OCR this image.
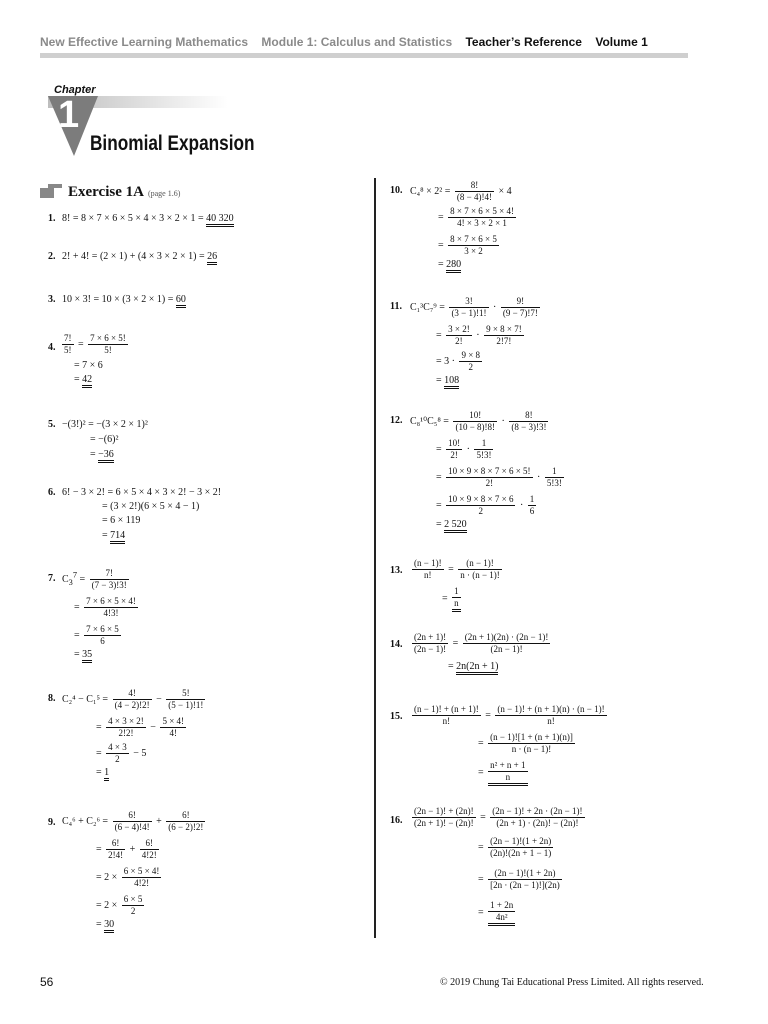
New Effective Learning Mathematics Module 1: Calculus and Statistics Teacher’s Reference Volume 1
Chapter
1
Binomial Expansion
Exercise 1A (page 1.6)
1. 8! = 8 × 7 × 6 × 5 × 4 × 3 × 2 × 1 = 40 320
2. 2! + 4! = (2 × 1) + (4 × 3 × 2 × 1) = 26
3. 10 × 3! = 10 × (3 × 2 × 1) = 60
4. $\frac{7!}{5!} = \frac{7 \times 6 \times 5!}{5!}$
= 7 × 6
= 42
5. −(3!)² = −(3 × 2 × 1)²
= −(6)²
= −36
6. 6! − 3 × 2! = 6 × 5 × 4 × 3 × 2! − 3 × 2!
= (3 × 2!)(6 × 5 × 4 − 1)
= 6 × 119
= 714
7. $C_3^7 = \frac{7!}{(7 - 3)!3!}$
= $\frac{7 \times 6 \times 5 \times 4!}{4!3!}$
= $\frac{7 \times 6 \times 5}{6}$
= 35
8. $C_2^4 - C_1^5 = \frac{4!}{(4 - 2)!2!} - \frac{5!}{(5 - 1)!1!}$
= $\frac{4 \times 3 \times 2!}{2!2!} - \frac{5 \times 4!}{4!}$
= $\frac{4 \times 3}{2} - 5$
= 1
9. $C_4^6 + C_2^6 = \frac{6!}{(6 - 4)!4!} + \frac{6!}{(6 - 2)!2!}$
= $\frac{6!}{2!4!} + \frac{6!}{4!2!}$
= $2 \times \frac{6 \times 5 \times 4!}{4!2!}$
= $2 \times \frac{6 \times 5}{2}$
= 30
10. $C_4^8 \times 2^2 = \frac{8!}{(8 - 4)!4!} \times 4$
= $\frac{8 \times 7 \times 6 \times 5 \times 4!}{4! \times 3 \times 2 \times 1}$
= $\frac{8 \times 7 \times 6 \times 5}{3 \times 2}$
= 280
11. $C_1^3C_7^9 = \frac{3!}{(3 - 1)!1!} \cdot \frac{9!}{(9 - 7)!7!}$
= $\frac{3 \times 2!}{2!} \cdot \frac{9 \times 8 \times 7!}{2!7!}$
= $3 \cdot \frac{9 \times 8}{2}$
= 108
12. $C_8^{10}C_5^8 = \frac{10!}{(10 - 8)!8!} \cdot \frac{8!}{(8 - 3)!3!}$
= $\frac{10!}{2!} \cdot \frac{1}{5!3!}$
= $\frac{10 \times 9 \times 8 \times 7 \times 6 \times 5!}{2!} \cdot \frac{1}{5!3!}$
= $\frac{10 \times 9 \times 8 \times 7 \times 6}{2} \cdot \frac{1}{6}$
= 2 520
13. $\frac{(n - 1)!}{n!} = \frac{(n - 1)!}{n \cdot (n - 1)!}$
= $\frac{1}{n}$
14. $\frac{(2n + 1)!}{(2n - 1)!} = \frac{(2n + 1)(2n) \cdot (2n - 1)!}{(2n - 1)!}$
= 2n(2n + 1)
15. $\frac{(n - 1)! + (n + 1)!}{n!} = \frac{(n - 1)! + (n + 1)(n) \cdot (n - 1)!}{n!}$
= $\frac{(n - 1)![1 + (n + 1)(n)]}{n \cdot (n - 1)!}$
= $\frac{\text{n² + n + 1}}{n}$
16. $\frac{(2n - 1)! + (2n)!}{(2n + 1)! - (2n)!} = \frac{(2n - 1)! + 2n \cdot (2n - 1)!}{(2n + 1) \cdot (2n)! - (2n)!}$
= $\frac{(2n - 1)!(1 + 2n)}{(2n)!(2n + 1 - 1)}$
= $\frac{(2n - 1)!(1 + 2n)}{[2n \cdot (2n - 1)!](2n)}$
= $\frac{1 + 2n}{\text{4n²}}$
56	© 2019 Chung Tai Educational Press Limited. All rights reserved.
